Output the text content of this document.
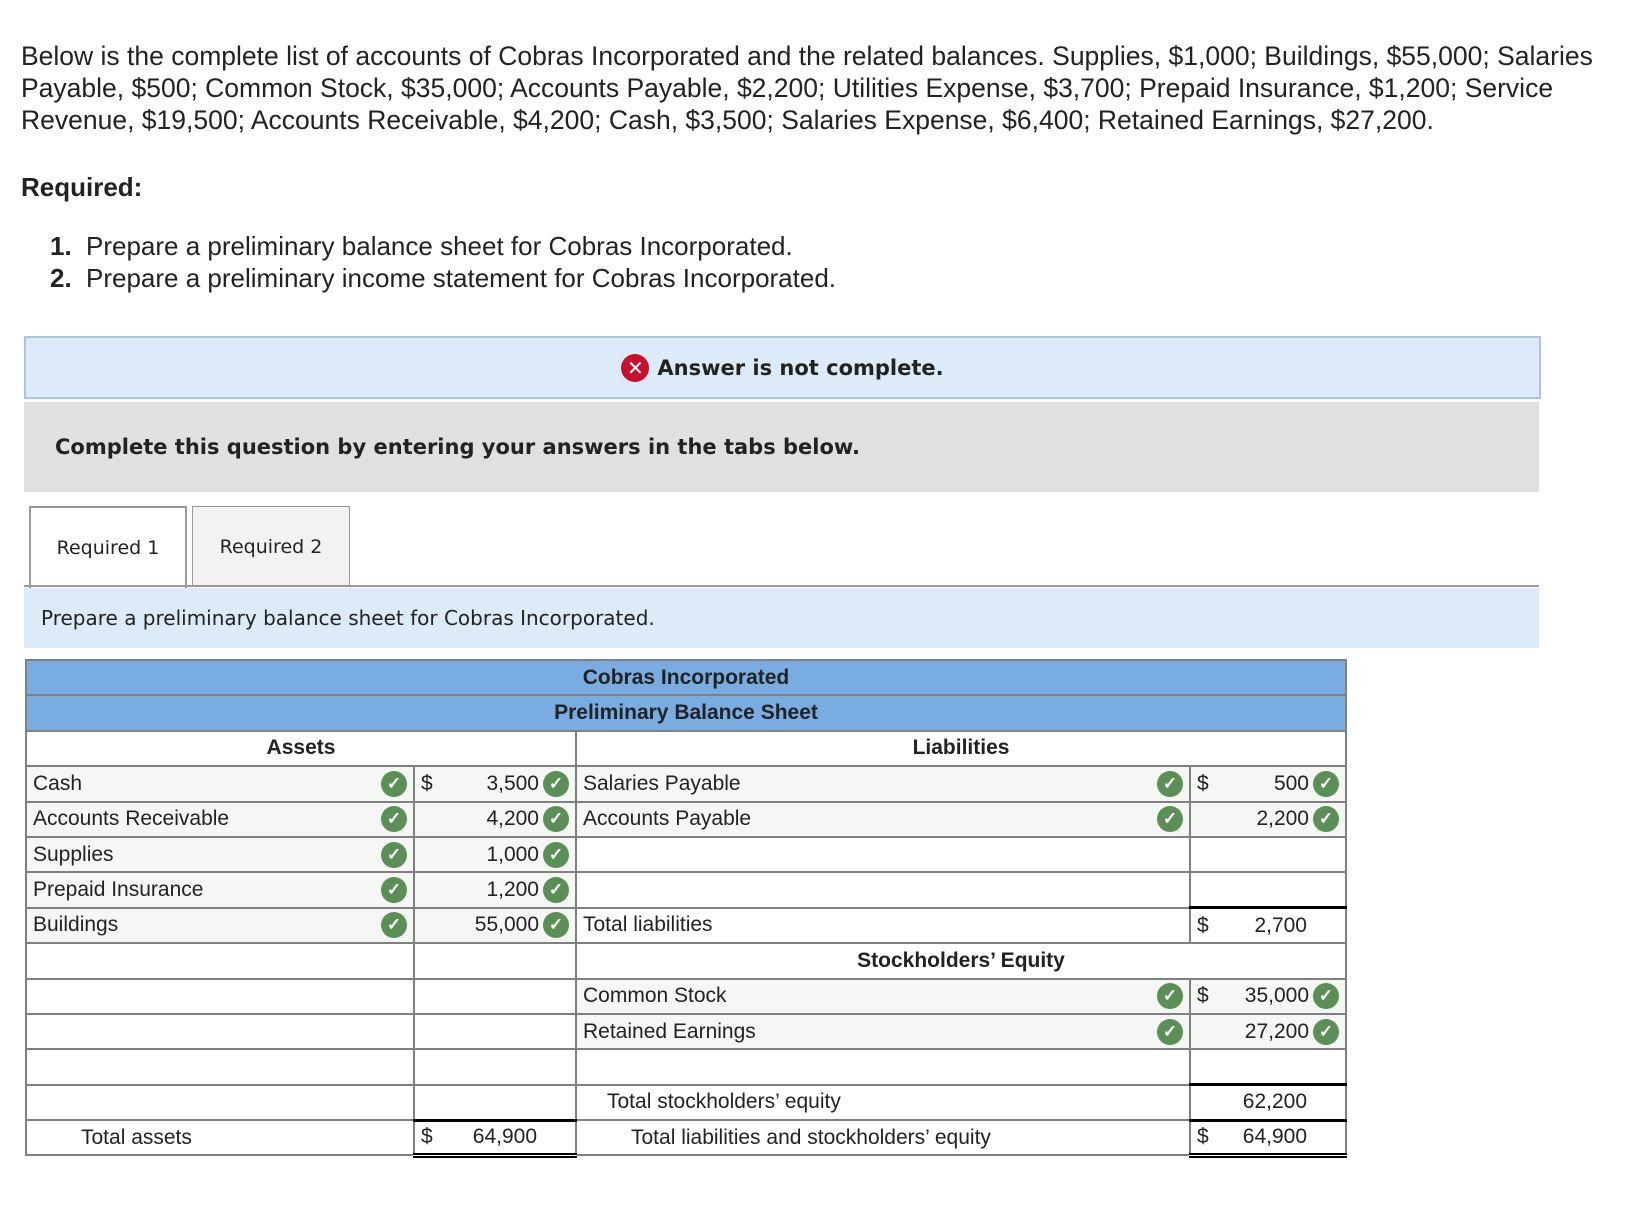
Below is the complete list of accounts of Cobras Incorporated and the related balances. Supplies, $1,000; Buildings, $55,000; Salaries Payable, $500; Common Stock, $35,000; Accounts Payable, $2,200; Utilities Expense, $3,700; Prepaid Insurance, $1,200; Service Revenue, $19,500; Accounts Receivable, $4,200; Cash, $3,500; Salaries Expense, $6,400; Retained Earnings, $27,200.
Required:
1. Prepare a preliminary balance sheet for Cobras Incorporated.
2. Prepare a preliminary income statement for Cobras Incorporated.
✕ Answer is not complete.
Complete this question by entering your answers in the tabs below.
Required 1	Required 2
Prepare a preliminary balance sheet for Cobras Incorporated.
Cobras Incorporated			
Preliminary Balance Sheet			
Assets		Liabilities	

Cash ✓	$ 3,500 ✓	Salaries Payable ✓	$ 500 ✓

Accounts Receivable ✓	4,200 ✓	Accounts Payable ✓	2,200 ✓

Supplies ✓	1,000 ✓		

Prepaid Insurance ✓	1,200 ✓		

Buildings ✓	55,000 ✓	Total liabilities	$ 2,700

		Stockholders’ Equity	

		Common Stock ✓	$ 35,000 ✓

		Retained Earnings ✓	27,200 ✓

		Total stockholders’ equity	62,200

Total assets	$ 64,900	Total liabilities and stockholders’ equity	$ 64,900
